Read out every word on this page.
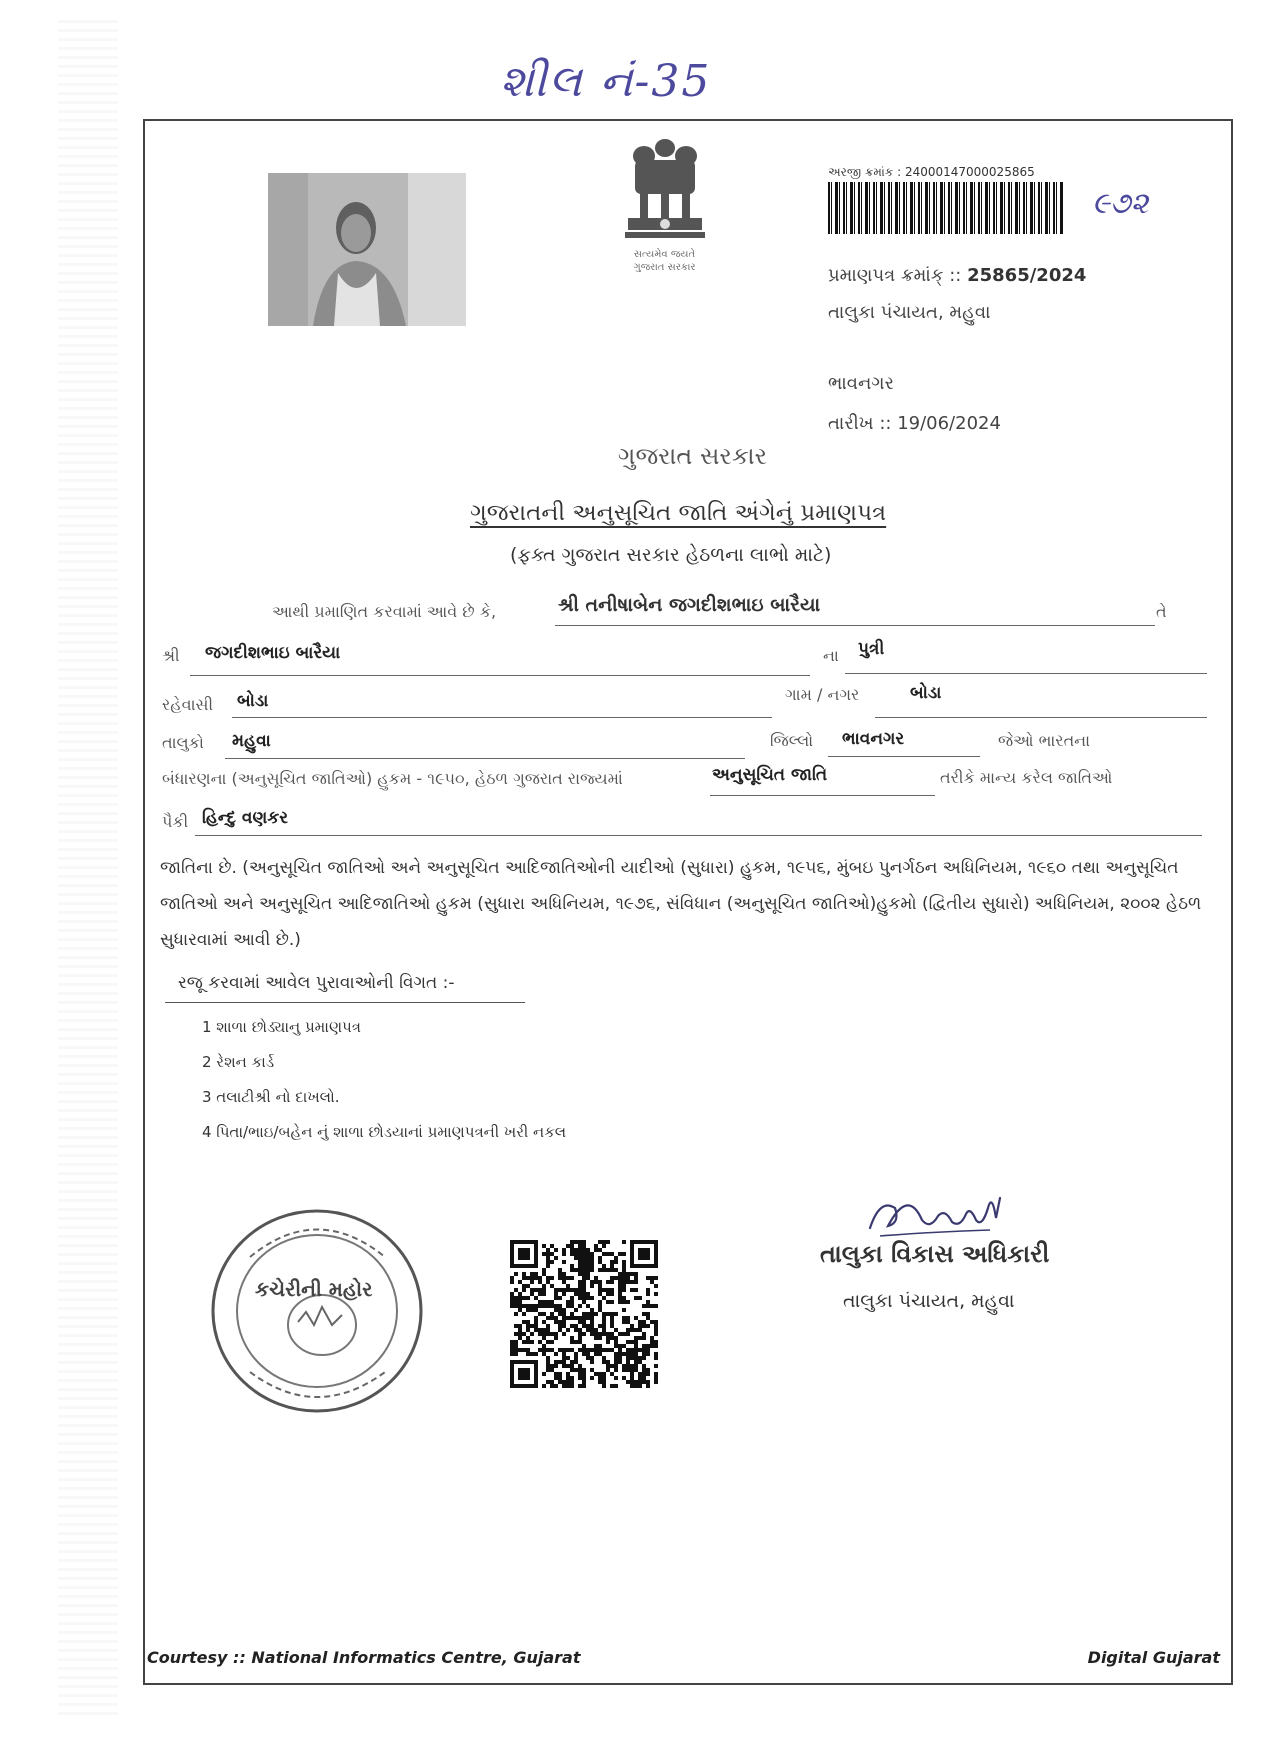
શીલ નં-35
સત્યમેવ જયતે
ગુજરાત સરકાર
અરજી ક્રમાંક : 24000147000025865
૯૭૨
પ્રમાણપત્ર ક્રમાંક્ :: 25865/2024
તાલુકા પંચાયત, મહુવા
ભાવનગર
તારીખ :: 19/06/2024
ગુજરાત સરકાર
ગુજરાતની અનુસૂચિત જાતિ અંગેનું પ્રમાણપત્ર
(ફક્ત ગુજરાત સરકાર હેઠળના લાભો માટે)
આથી પ્રમાણિત કરવામાં આવે છે કે,	શ્રી તનીષાબેન જગદીશભાઇ બારૈયા	તે
શ્રી જગદીશભાઇ બારૈયા	ના પુત્રી
રહેવાસી બોડા	ગામ / નગર	બોડા
તાલુકો મહુવા	જિલ્લો ભાવનગર	જેઓ ભારતના
બંધારણના (અનુસૂચિત જાતિઓ) હુકમ - ૧૯૫૦, હેઠળ ગુજરાત રાજ્યમાં	અનુસૂચિત જાતિ	તરીકે માન્ય કરેલ જાતિઓ
પૈકી હિન્દુ વણકર
જાતિના છે. (અનુસૂચિત જાતિઓ અને અનુસૂચિત આદિજાતિઓની યાદીઓ (સુધારા) હુકમ, ૧૯૫૬, મુંબઇ પુનર્ગઠન અધિનિયમ, ૧૯૬૦ તથા અનુસૂચિત જાતિઓ અને અનુસૂચિત આદિજાતિઓ હુકમ (સુધારા અધિનિયમ, ૧૯૭૬, સંવિધાન (અનુસૂચિત જાતિઓ)હુકમો (દ્વિતીય સુધારો) અધિનિયમ, ૨૦૦૨ હેઠળ સુધારવામાં આવી છે.)
રજૂ કરવામાં આવેલ પુરાવાઓની વિગત :-
1 શાળા છોડ્યાનુ પ્રમાણપત્ર
2 રેશન કાર્ડ
3 તલાટીશ્રી નો દાખલો.
4 પિતા/ભાઇ/બહેન નું શાળા છોડયાનાં પ્રમાણપત્રની ખરી નકલ
કચેરીની મહોર
તાલુકા વિકાસ અધિકારી
તાલુકા પંચાયત, મહુવા
Courtesy :: National Informatics Centre, Gujarat	Digital Gujarat
